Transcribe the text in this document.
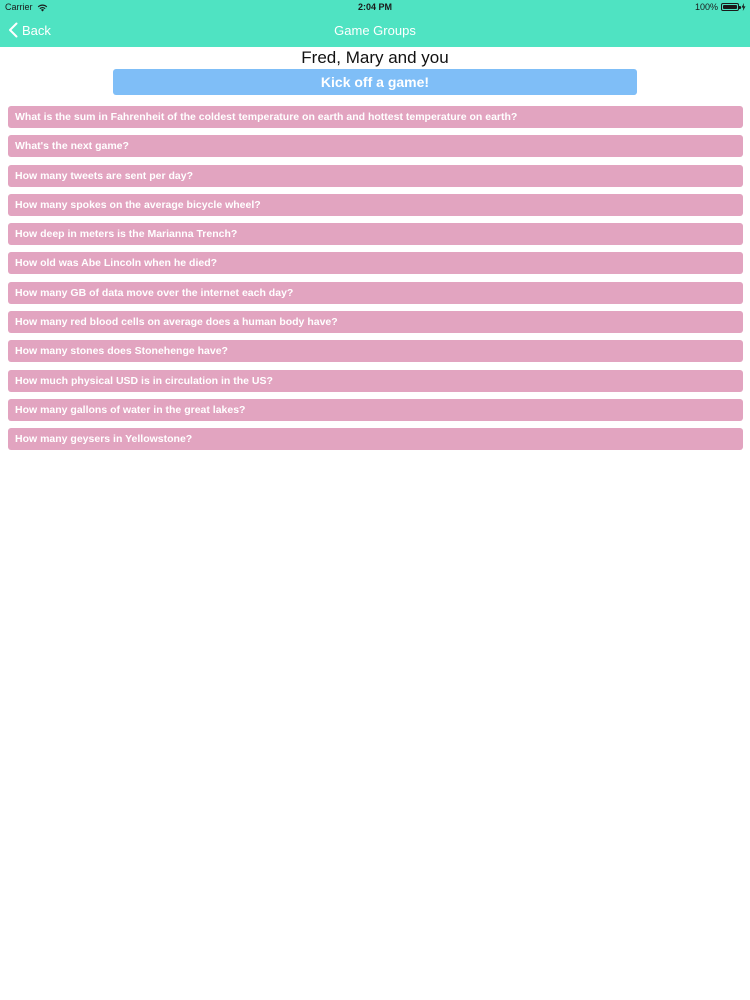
Carrier	2:04 PM	100%
Back	Game Groups
Fred, Mary and you
Kick off a game!
What is the sum in Fahrenheit of the coldest temperature on earth and hottest temperature on earth?
What's the next game?
How many tweets are sent per day?
How many spokes on the average bicycle wheel?
How deep in meters is the Marianna Trench?
How old was Abe Lincoln when he died?
How many GB of data move over the internet each day?
How many red blood cells on average does a human body have?
How many stones does Stonehenge have?
How much physical USD is in circulation in the US?
How many gallons of water in the great lakes?
How many geysers in Yellowstone?
